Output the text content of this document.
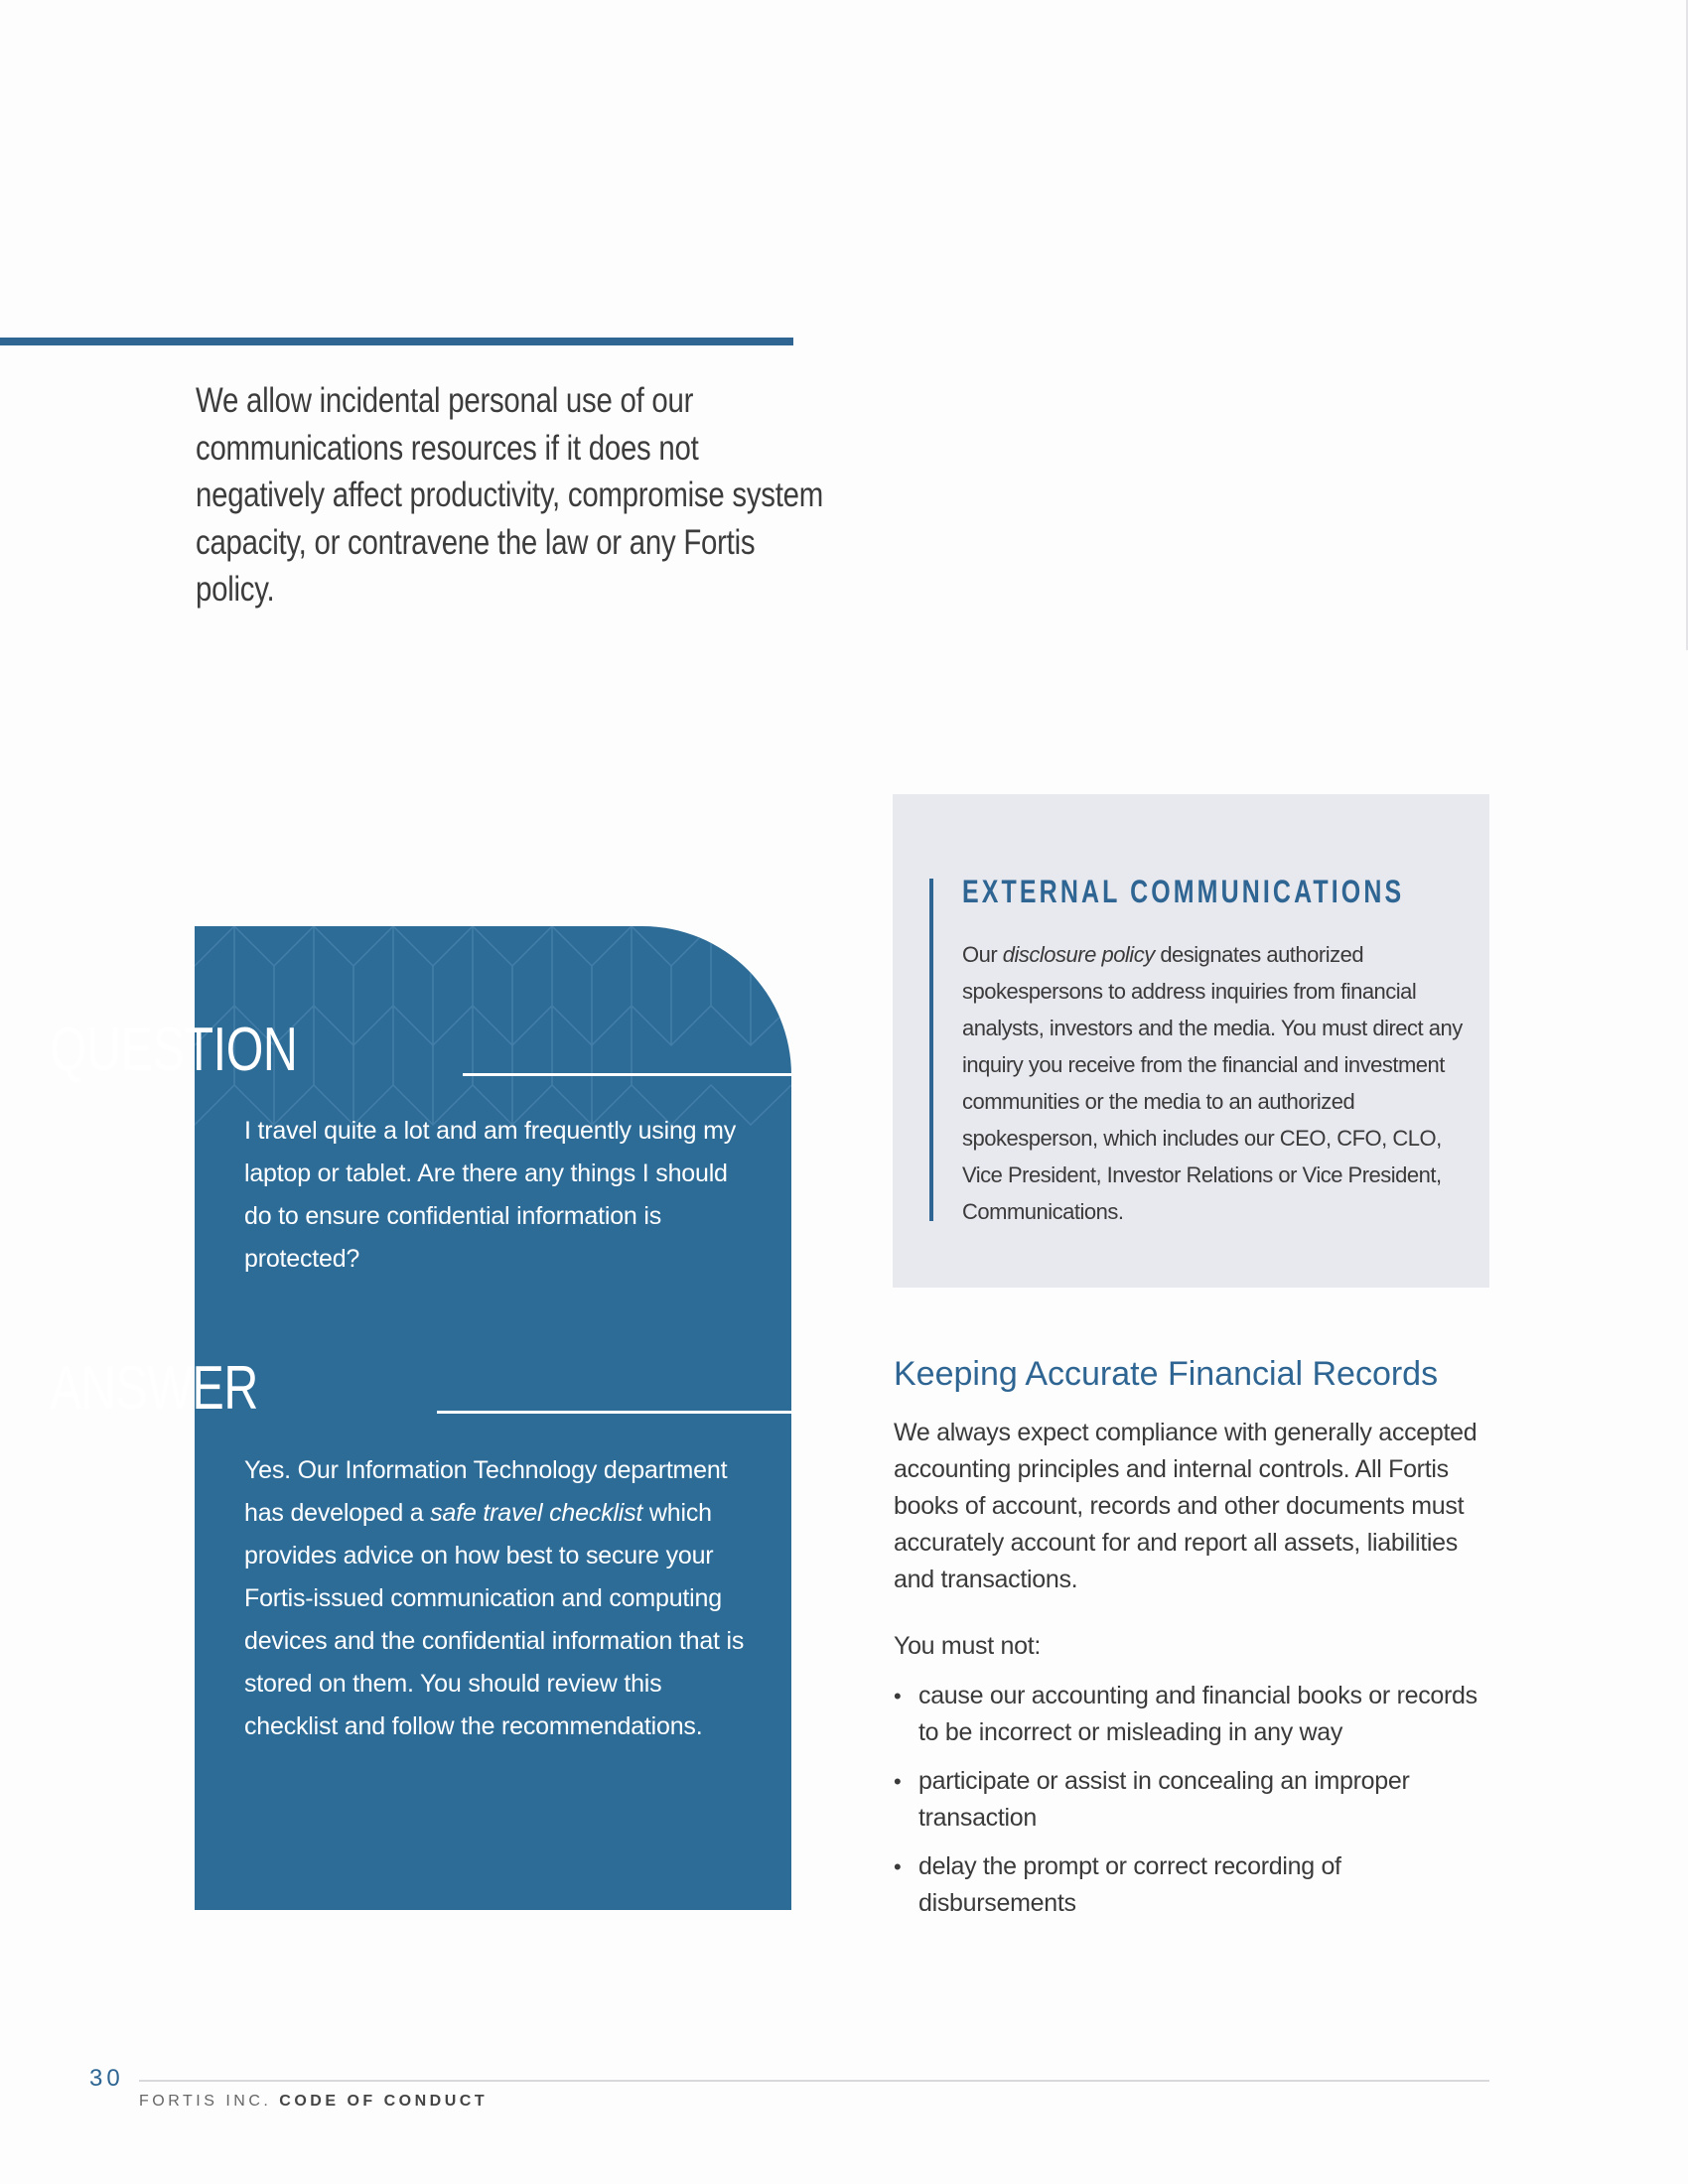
We allow incidental personal use of our communications resources if it does not negatively affect productivity, compromise system capacity, or contravene the law or any Fortis policy.
QUESTION
I travel quite a lot and am frequently using my laptop or tablet. Are there any things I should do to ensure confidential information is protected?
ANSWER
Yes. Our Information Technology department has developed a safe travel checklist which provides advice on how best to secure your Fortis-issued communication and computing devices and the confidential information that is stored on them. You should review this checklist and follow the recommendations.
EXTERNAL COMMUNICATIONS
Our disclosure policy designates authorized spokespersons to address inquiries from financial analysts, investors and the media. You must direct any inquiry you receive from the financial and investment communities or the media to an authorized spokesperson, which includes our CEO, CFO, CLO, Vice President, Investor Relations or Vice President, Communications.
Keeping Accurate Financial Records
We always expect compliance with generally accepted accounting principles and internal controls. All Fortis books of account, records and other documents must accurately account for and report all assets, liabilities and transactions.
You must not:
• cause our accounting and financial books or records to be incorrect or misleading in any way
• participate or assist in concealing an improper transaction
• delay the prompt or correct recording of disbursements
30
FORTIS INC. CODE OF CONDUCT
